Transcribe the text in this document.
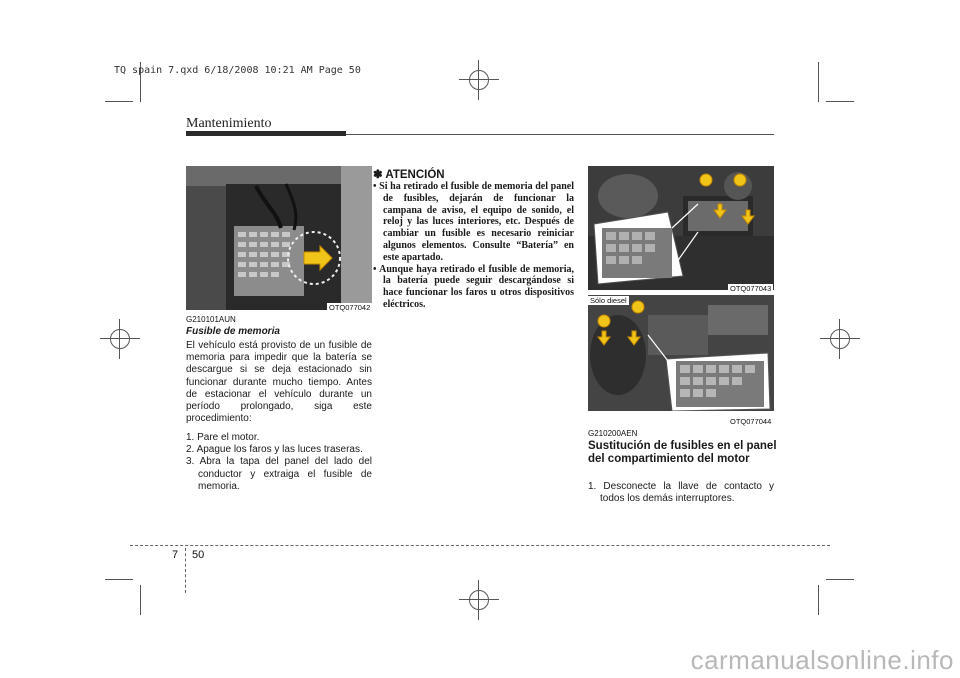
TQ spain 7.qxd 6/18/2008 10:21 AM Page 50
Mantenimiento
OTQ077042
G210101AUN
Fusible de memoria
El vehículo está provisto de un fusible de memoria para impedir que la batería se descargue si se deja estacionado sin funcionar durante mucho tiempo. Antes de estacionar el vehículo durante un período prolongado, siga este procedimiento:
1. Pare el motor.
2. Apague los faros y las luces traseras.
3. Abra la tapa del panel del lado del conductor y extraiga el fusible de memoria.
✽ ATENCIÓN
• Si ha retirado el fusible de memoria del panel de fusibles, dejarán de funcionar la campana de aviso, el equipo de sonido, el reloj y las luces interiores, etc. Después de cambiar un fusible es necesario reiniciar algunos elementos. Consulte “Batería” en este apartado.
• Aunque haya retirado el fusible de memoria, la batería puede seguir descargándose si hace funcionar los faros u otros dispositivos eléctricos.
OTQ077043
Sólo diesel
OTQ077044
G210200AEN
Sustitución de fusibles en el panel del compartimiento del motor
1. Desconecte la llave de contacto y todos los demás interruptores.
7 50
carmanualsonline.info
